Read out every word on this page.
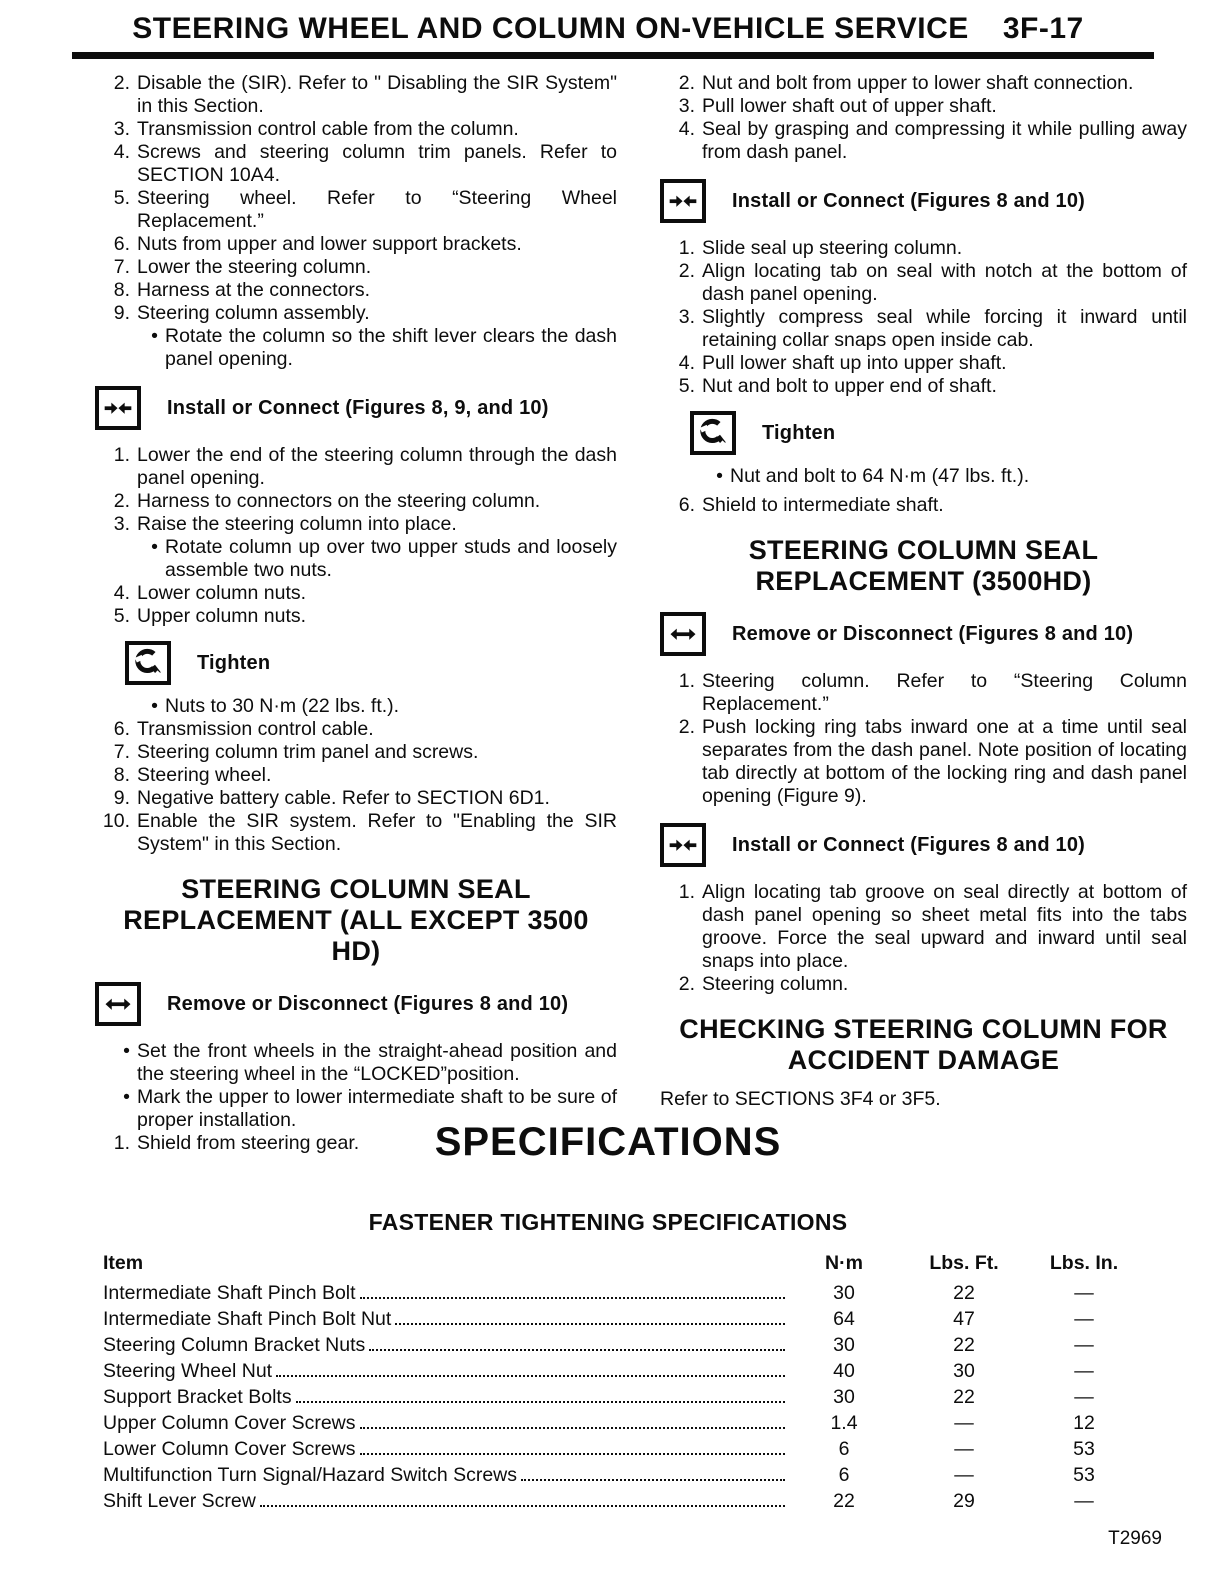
STEERING WHEEL AND COLUMN ON-VEHICLE SERVICE 3F-17
2. Disable the (SIR). Refer to " Disabling the SIR System" in this Section.
3. Transmission control cable from the column.
4. Screws and steering column trim panels. Refer to SECTION 10A4.
5. Steering wheel. Refer to “Steering Wheel Replacement.”
6. Nuts from upper and lower support brackets.
7. Lower the steering column.
8. Harness at the connectors.
9. Steering column assembly.
• Rotate the column so the shift lever clears the dash panel opening.
Install or Connect (Figures 8, 9, and 10)
1. Lower the end of the steering column through the dash panel opening.
2. Harness to connectors on the steering column.
3. Raise the steering column into place.
• Rotate column up over two upper studs and loosely assemble two nuts.
4. Lower column nuts.
5. Upper column nuts.
Tighten
• Nuts to 30 N·m (22 lbs. ft.).
6. Transmission control cable.
7. Steering column trim panel and screws.
8. Steering wheel.
9. Negative battery cable. Refer to SECTION 6D1.
10. Enable the SIR system. Refer to "Enabling the SIR System" in this Section.
STEERING COLUMN SEAL REPLACEMENT (ALL EXCEPT 3500 HD)
Remove or Disconnect (Figures 8 and 10)
• Set the front wheels in the straight-ahead position and the steering wheel in the “LOCKED”position.
• Mark the upper to lower intermediate shaft to be sure of proper installation.
1. Shield from steering gear.
2. Nut and bolt from upper to lower shaft connection.
3. Pull lower shaft out of upper shaft.
4. Seal by grasping and compressing it while pulling away from dash panel.
Install or Connect (Figures 8 and 10)
1. Slide seal up steering column.
2. Align locating tab on seal with notch at the bottom of dash panel opening.
3. Slightly compress seal while forcing it inward until retaining collar snaps open inside cab.
4. Pull lower shaft up into upper shaft.
5. Nut and bolt to upper end of shaft.
Tighten
• Nut and bolt to 64 N·m (47 lbs. ft.).
6. Shield to intermediate shaft.
STEERING COLUMN SEAL REPLACEMENT (3500HD)
Remove or Disconnect (Figures 8 and 10)
1. Steering column. Refer to “Steering Column Replacement.”
2. Push locking ring tabs inward one at a time until seal separates from the dash panel. Note position of locating tab directly at bottom of the locking ring and dash panel opening (Figure 9).
Install or Connect (Figures 8 and 10)
1. Align locating tab groove on seal directly at bottom of dash panel opening so sheet metal fits into the tabs groove. Force the seal upward and inward until seal snaps into place.
2. Steering column.
CHECKING STEERING COLUMN FOR ACCIDENT DAMAGE
Refer to SECTIONS 3F4 or 3F5.
SPECIFICATIONS
FASTENER TIGHTENING SPECIFICATIONS
Item	N·m	Lbs. Ft.	Lbs. In.
Intermediate Shaft Pinch Bolt	30	22	—
Intermediate Shaft Pinch Bolt Nut	64	47	—
Steering Column Bracket Nuts	30	22	—
Steering Wheel Nut	40	30	—
Support Bracket Bolts	30	22	—
Upper Column Cover Screws	1.4	—	12
Lower Column Cover Screws	6	—	53
Multifunction Turn Signal/Hazard Switch Screws	6	—	53
Shift Lever Screw	22	29	—
T2969
